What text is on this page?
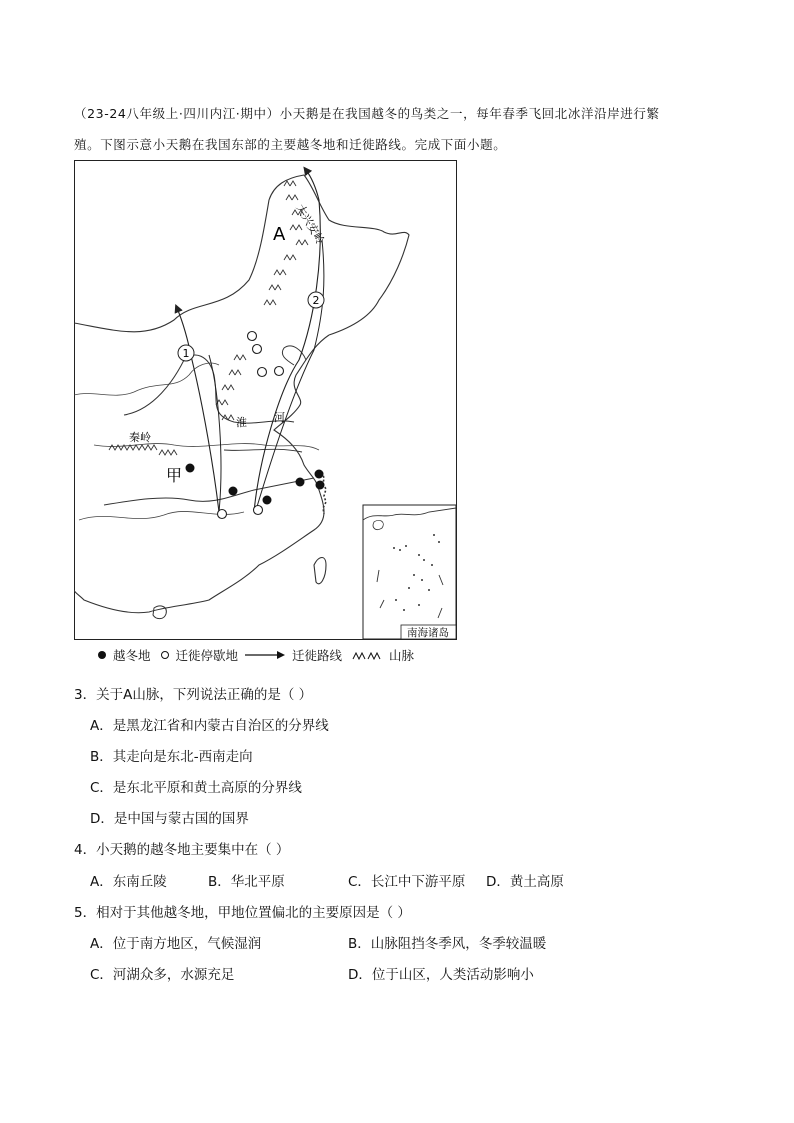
（23-24八年级上·四川内江·期中）小天鹅是在我国越冬的鸟类之一，每年春季飞回北冰洋沿岸进行繁
殖。下图示意小天鹅在我国东部的主要越冬地和迁徙路线。完成下面小题。
1
2
A 大兴安岭
秦岭
淮 河
甲
南海诸岛
越冬地 迁徙停歇地	迁徙路线	山脉
3．关于A山脉，下列说法正确的是（ ）
A．是黑龙江省和内蒙古自治区的分界线
B．其走向是东北-西南走向
C．是东北平原和黄土高原的分界线
D．是中国与蒙古国的国界
4．小天鹅的越冬地主要集中在（ ）
A．东南丘陵	B．华北平原	C．长江中下游平原 D．黄土高原
5．相对于其他越冬地，甲地位置偏北的主要原因是（ ）
A．位于南方地区，气候湿润	B．山脉阻挡冬季风，冬季较温暖
C．河湖众多，水源充足	D．位于山区，人类活动影响小
